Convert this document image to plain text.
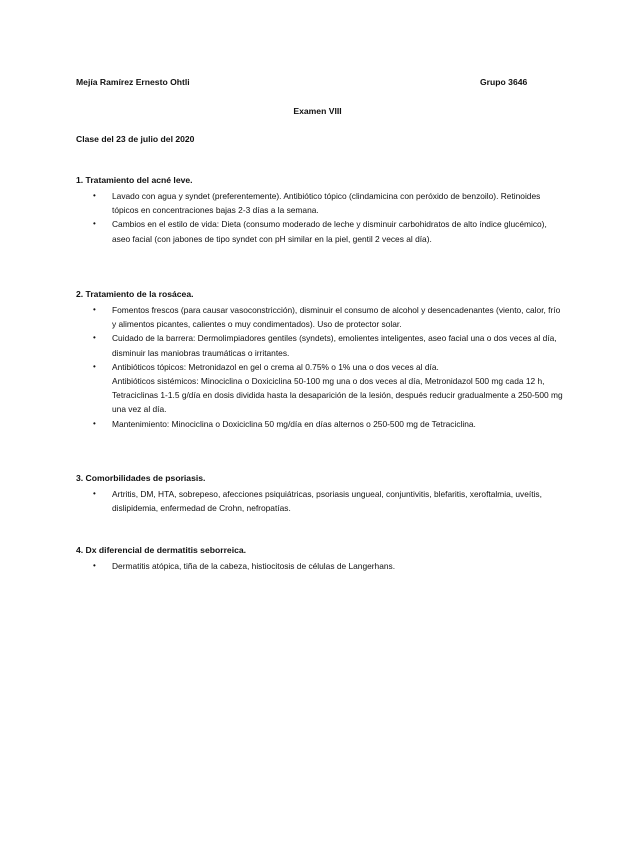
Mejía Ramírez Ernesto Ohtli	Grupo 3646
Examen VIII
Clase del 23 de julio del 2020
1. Tratamiento del acné leve.
• Lavado con agua y syndet (preferentemente). Antibiótico tópico (clindamicina con peróxido de benzoilo). Retinoides tópicos en concentraciones bajas 2-3 días a la semana.
• Cambios en el estilo de vida: Dieta (consumo moderado de leche y disminuir carbohidratos de alto índice glucémico), aseo facial (con jabones de tipo syndet con pH similar en la piel, gentil 2 veces al día).
2. Tratamiento de la rosácea.
• Fomentos frescos (para causar vasoconstricción), disminuir el consumo de alcohol y desencadenantes (viento, calor, frío y alimentos picantes, calientes o muy condimentados). Uso de protector solar.
• Cuidado de la barrera: Dermolimpiadores gentiles (syndets), emolientes inteligentes, aseo facial una o dos veces al día, disminuir las maniobras traumáticas o irritantes.
• Antibióticos tópicos: Metronidazol en gel o crema al 0.75% o 1% una o dos veces al día.
Antibióticos sistémicos: Minociclina o Doxiciclina 50-100 mg una o dos veces al día, Metronidazol 500 mg cada 12 h, Tetraciclinas 1-1.5 g/día en dosis dividida hasta la desaparición de la lesión, después reducir gradualmente a 250-500 mg una vez al día.
• Mantenimiento: Minociclina o Doxiciclina 50 mg/día en días alternos o 250-500 mg de Tetraciclina.
3. Comorbilidades de psoriasis.
• Artritis, DM, HTA, sobrepeso, afecciones psiquiátricas, psoriasis ungueal, conjuntivitis, blefaritis, xeroftalmia, uveítis, dislipidemia, enfermedad de Crohn, nefropatías.
4. Dx diferencial de dermatitis seborreica.
• Dermatitis atópica, tiña de la cabeza, histiocitosis de células de Langerhans.
